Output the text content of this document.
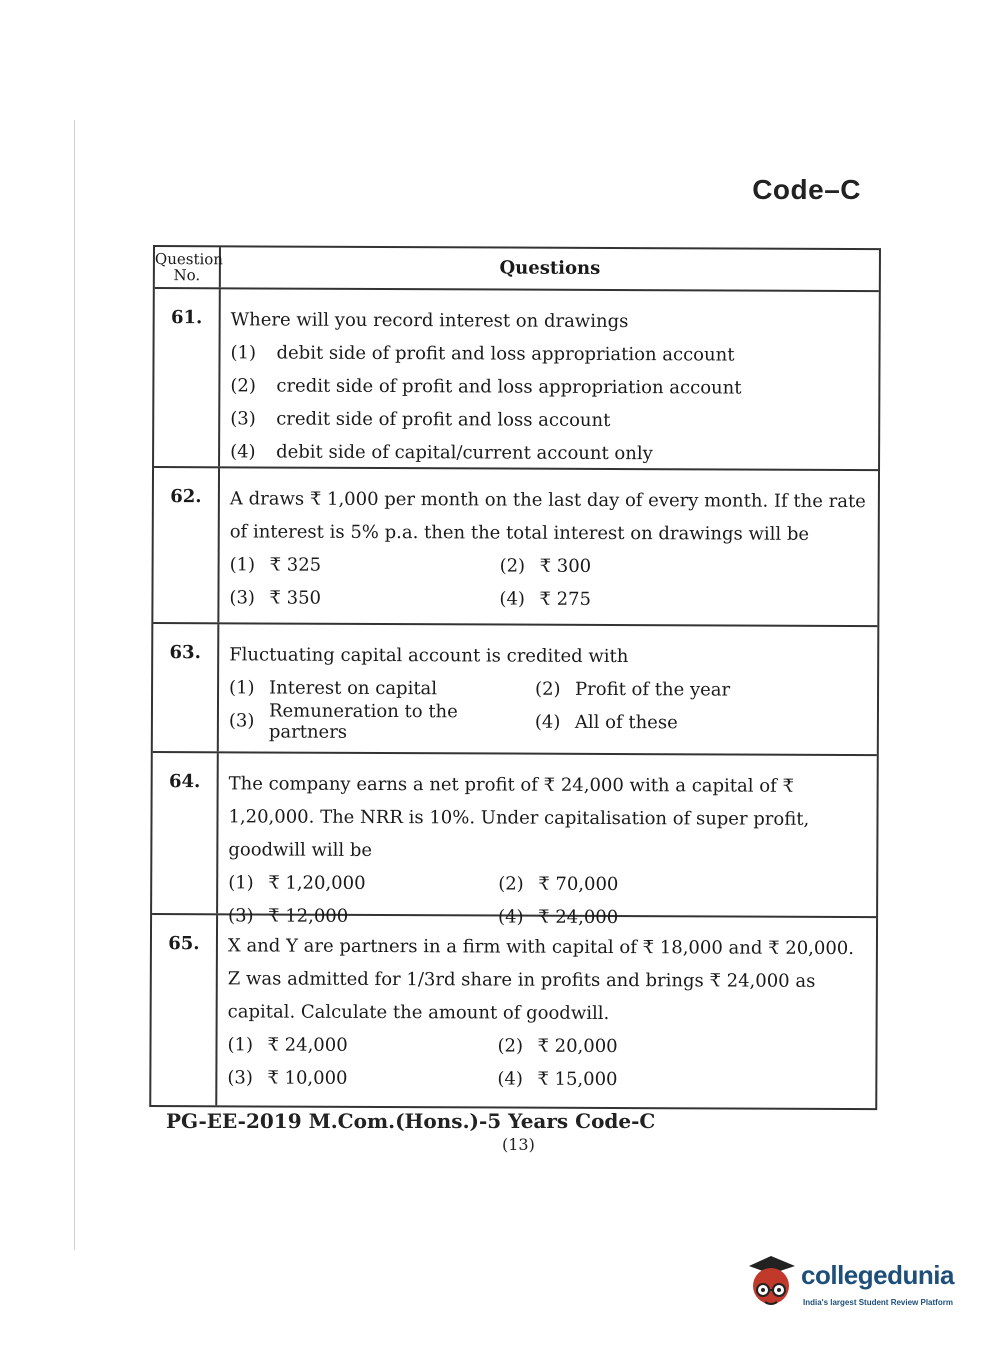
Code–C
Question No.	Questions
61.	Where will you record interest on drawings
(1)	debit side of profit and loss appropriation account
(2)	credit side of profit and loss appropriation account
(3)	credit side of profit and loss account
(4)	debit side of capital/current account only
62.	A draws ₹ 1,000 per month on the last day of every month. If the rate of interest is 5% p.a. then the total interest on drawings will be
(1) ₹ 325	(2) ₹ 300
(3) ₹ 350	(4) ₹ 275
63.	Fluctuating capital account is credited with
(1) Interest on capital	(2) Profit of the year
(3) Remuneration to the partners	(4) All of these
64.	The company earns a net profit of ₹ 24,000 with a capital of ₹ 1,20,000. The NRR is 10%. Under capitalisation of super profit, goodwill will be
(1) ₹ 1,20,000	(2) ₹ 70,000
(3) ₹ 12,000	(4) ₹ 24,000
65.	X and Y are partners in a firm with capital of ₹ 18,000 and ₹ 20,000. Z was admitted for 1/3rd share in profits and brings ₹ 24,000 as capital. Calculate the amount of goodwill.
(1) ₹ 24,000	(2) ₹ 20,000
(3) ₹ 10,000	(4) ₹ 15,000
PG-EE-2019 M.Com.(Hons.)-5 Years Code-C
(13)
collegedunia
India's largest Student Review Platform
